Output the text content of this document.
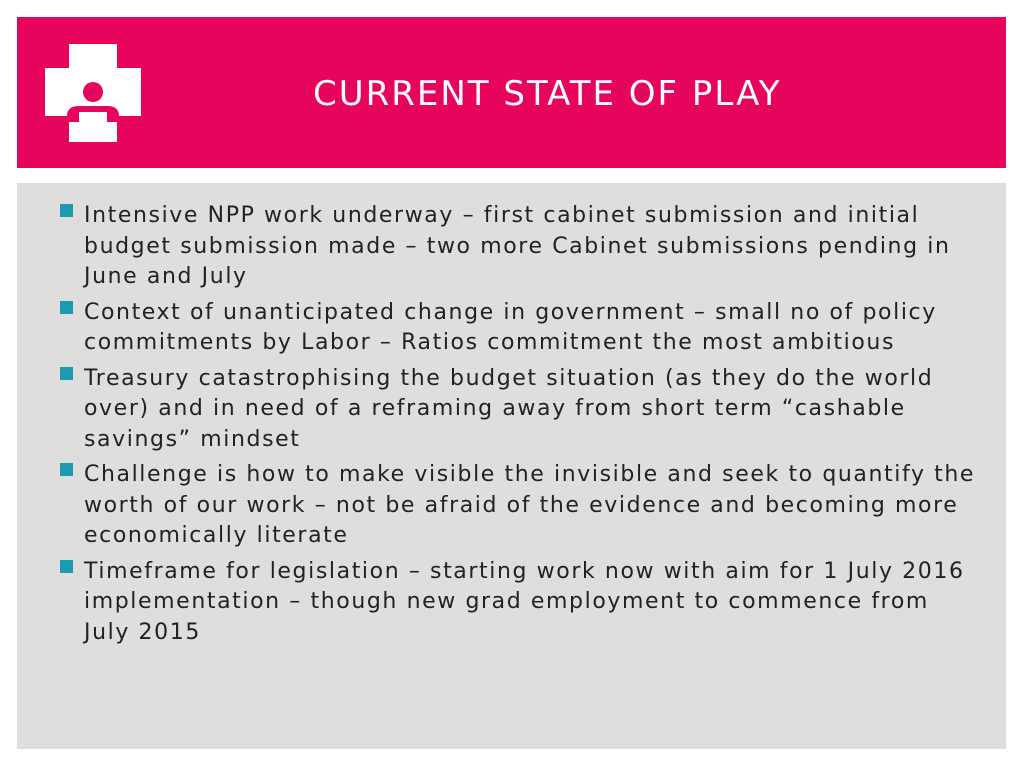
CURRENT STATE OF PLAY
Intensive NPP work underway – first cabinet submission and initial budget submission made – two more Cabinet submissions pending in June and July
Context of unanticipated change in government – small no of policy commitments by Labor – Ratios commitment the most ambitious
Treasury catastrophising the budget situation (as they do the world over) and in need of a reframing away from short term “cashable savings” mindset
Challenge is how to make visible the invisible and seek to quantify the worth of our work – not be afraid of the evidence and becoming more economically literate
Timeframe for legislation – starting work now with aim for 1 July 2016 implementation – though new grad employment to commence from July 2015
